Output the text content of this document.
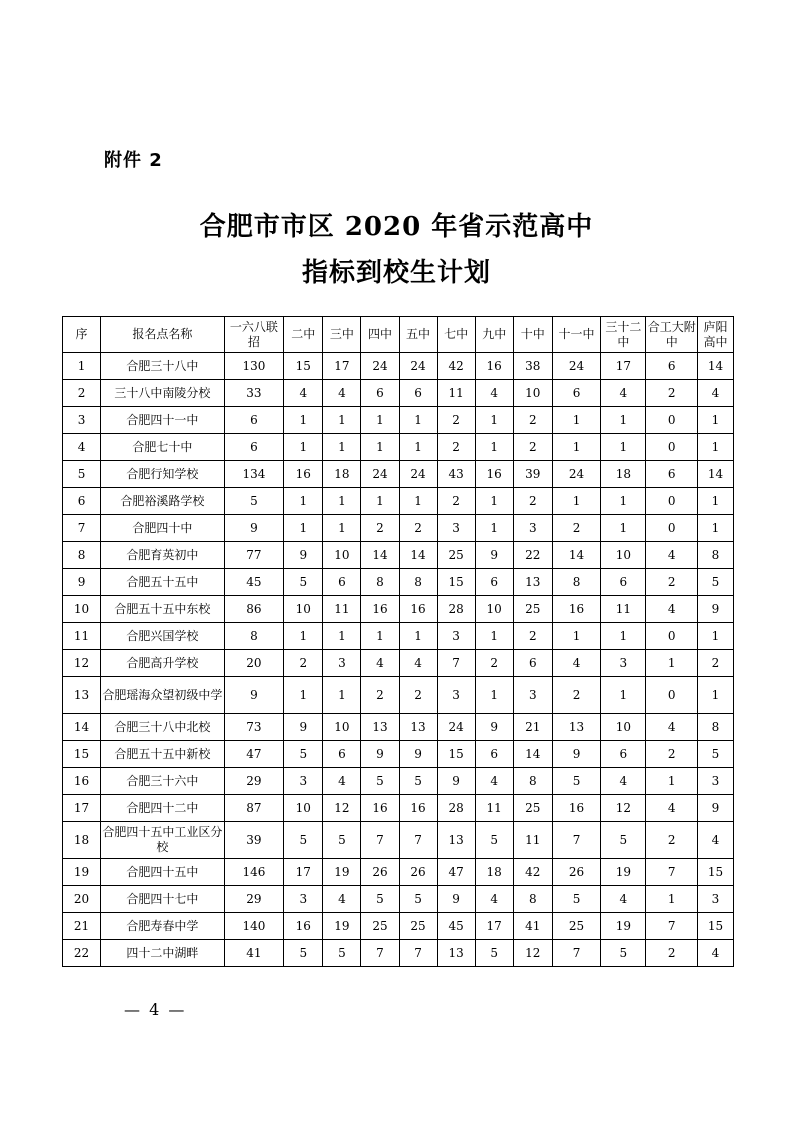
附件 2
合肥市市区 2020 年省示范高中
指标到校生计划
序	报名点名称	一六八联招	二中	三中	四中	五中	七中	九中	十中	十一中	三十二中	合工大附中	庐阳高中
1	合肥三十八中	130	15	17	24	24	42	16	38	24	17	6	14
2	三十八中南陵分校	33	4	4	6	6	11	4	10	6	4	2	4
3	合肥四十一中	6	1	1	1	1	2	1	2	1	1	0	1
4	合肥七十中	6	1	1	1	1	2	1	2	1	1	0	1
5	合肥行知学校	134	16	18	24	24	43	16	39	24	18	6	14
6	合肥裕溪路学校	5	1	1	1	1	2	1	2	1	1	0	1
7	合肥四十中	9	1	1	2	2	3	1	3	2	1	0	1
8	合肥育英初中	77	9	10	14	14	25	9	22	14	10	4	8
9	合肥五十五中	45	5	6	8	8	15	6	13	8	6	2	5
10	合肥五十五中东校	86	10	11	16	16	28	10	25	16	11	4	9
11	合肥兴国学校	8	1	1	1	1	3	1	2	1	1	0	1
12	合肥高升学校	20	2	3	4	4	7	2	6	4	3	1	2
13	合肥瑶海众望初级中学	9	1	1	2	2	3	1	3	2	1	0	1
14	合肥三十八中北校	73	9	10	13	13	24	9	21	13	10	4	8
15	合肥五十五中新校	47	5	6	9	9	15	6	14	9	6	2	5
16	合肥三十六中	29	3	4	5	5	9	4	8	5	4	1	3
17	合肥四十二中	87	10	12	16	16	28	11	25	16	12	4	9
18	合肥四十五中工业区分校	39	5	5	7	7	13	5	11	7	5	2	4
19	合肥四十五中	146	17	19	26	26	47	18	42	26	19	7	15
20	合肥四十七中	29	3	4	5	5	9	4	8	5	4	1	3
21	合肥寿春中学	140	16	19	25	25	45	17	41	25	19	7	15
22	四十二中湖畔	41	5	5	7	7	13	5	12	7	5	2	4
— 4 —
